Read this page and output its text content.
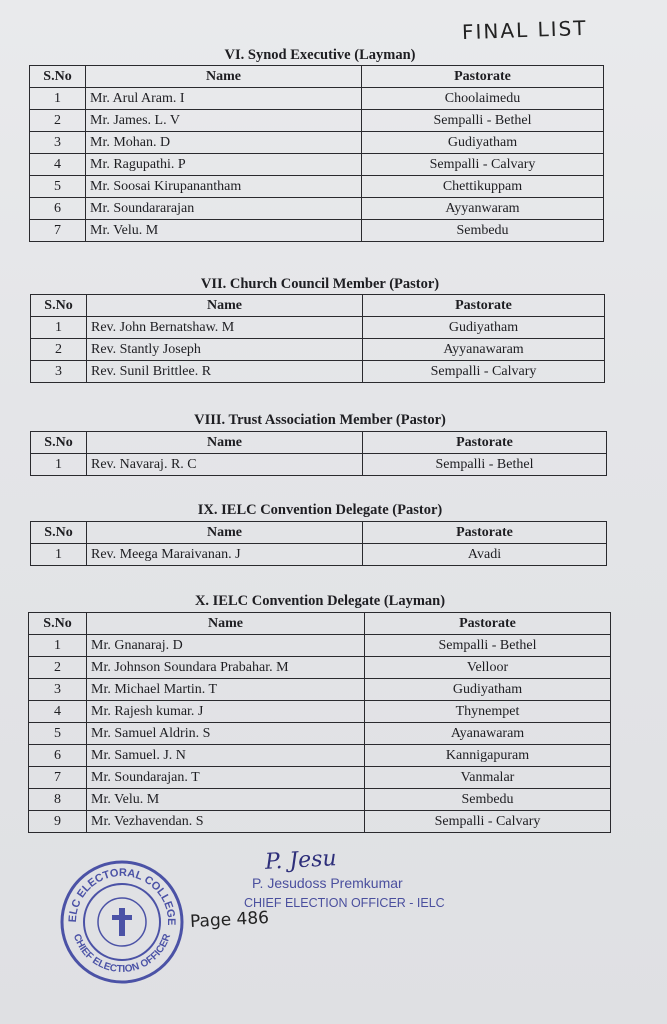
FINAL LIST
VI. Synod Executive (Layman)
S.No	Name	Pastorate
1	Mr. Arul Aram. I	Choolaimedu
2	Mr. James. L. V	Sempalli - Bethel
3	Mr. Mohan. D	Gudiyatham
4	Mr. Ragupathi. P	Sempalli - Calvary
5	Mr. Soosai Kirupanantham	Chettikuppam
6	Mr. Soundararajan	Ayyanwaram
7	Mr. Velu. M	Sembedu
VII. Church Council Member (Pastor)
S.No	Name	Pastorate
1	Rev. John Bernatshaw. M	Gudiyatham
2	Rev. Stantly Joseph	Ayyanawaram
3	Rev. Sunil Brittlee. R	Sempalli - Calvary
VIII. Trust Association Member (Pastor)
S.No	Name	Pastorate
1	Rev. Navaraj. R. C	Sempalli - Bethel
IX. IELC Convention Delegate (Pastor)
S.No	Name	Pastorate
1	Rev. Meega Maraivanan. J	Avadi
X. IELC Convention Delegate (Layman)
S.No	Name	Pastorate
1	Mr. Gnanaraj. D	Sempalli - Bethel
2	Mr. Johnson Soundara Prabahar. M	Velloor
3	Mr. Michael Martin. T	Gudiyatham
4	Mr. Rajesh kumar. J	Thynempet
5	Mr. Samuel Aldrin. S	Ayanawaram
6	Mr. Samuel. J. N	Kannigapuram
7	Mr. Soundarajan. T	Vanmalar
8	Mr. Velu. M	Sembedu
9	Mr. Vezhavendan. S	Sempalli - Calvary
ELC ELECTORAL COLLEGE
CHIEF ELECTION OFFICER
P. Jesu
P. Jesudoss Premkumar
CHIEF ELECTION OFFICER - IELC
Page 486
